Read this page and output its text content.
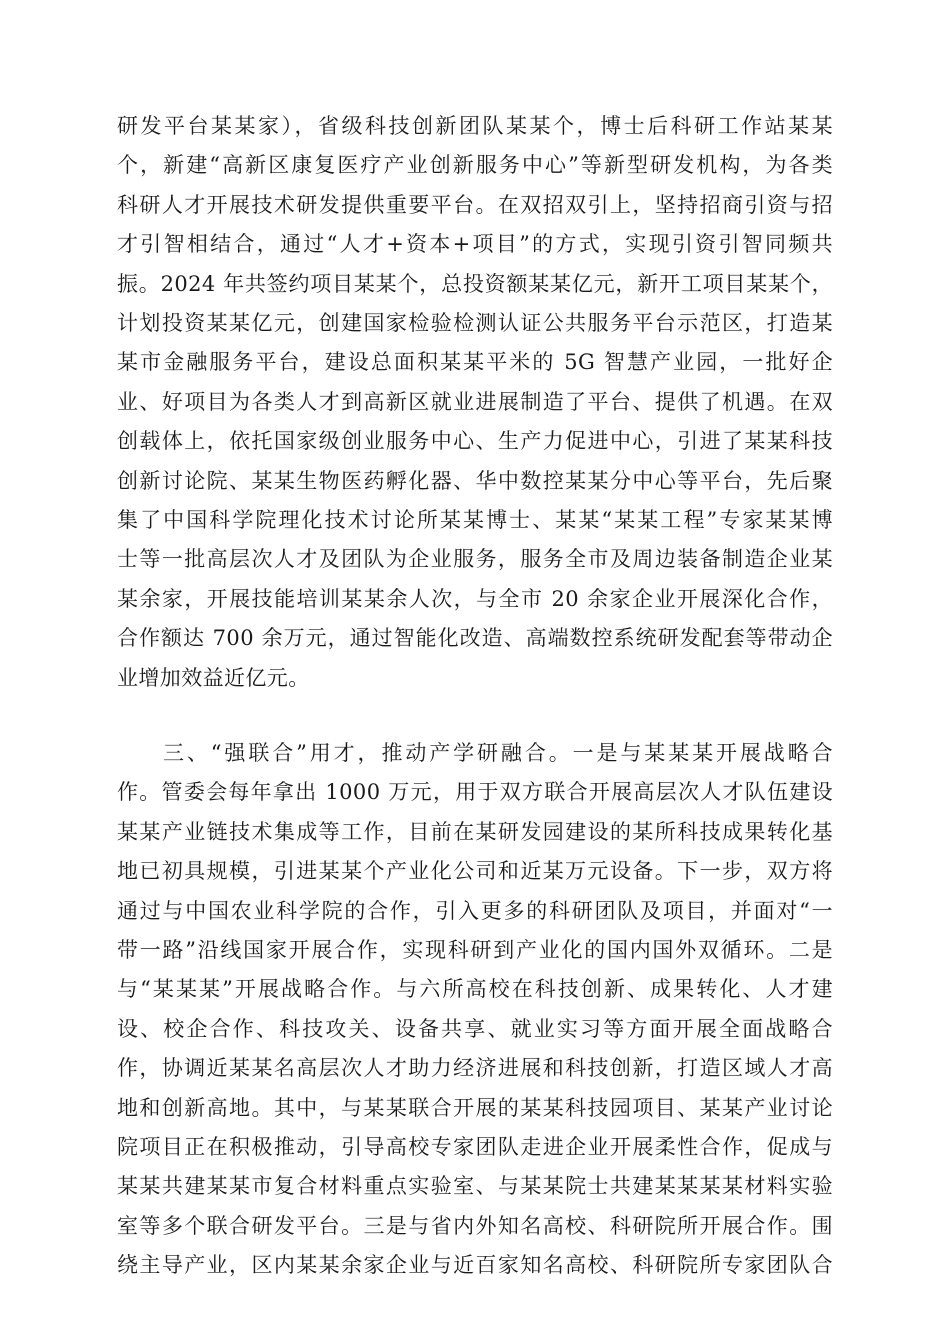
研发平台某某家），省级科技创新团队某某个，博士后科研工作站某某
个，新建“高新区康复医疗产业创新服务中心”等新型研发机构，为各类
科研人才开展技术研发提供重要平台。在双招双引上，坚持招商引资与招
才引智相结合，通过“人才+资本+项目”的方式，实现引资引智同频共
振。2024 年共签约项目某某个，总投资额某某亿元，新开工项目某某个，
计划投资某某亿元，创建国家检验检测认证公共服务平台示范区，打造某
某市金融服务平台，建设总面积某某平米的 5G 智慧产业园，一批好企
业、好项目为各类人才到高新区就业进展制造了平台、提供了机遇。在双
创载体上，依托国家级创业服务中心、生产力促进中心，引进了某某科技
创新讨论院、某某生物医药孵化器、华中数控某某分中心等平台，先后聚
集了中国科学院理化技术讨论所某某博士、某某“某某工程”专家某某博
士等一批高层次人才及团队为企业服务，服务全市及周边装备制造企业某
某余家，开展技能培训某某余人次，与全市 20 余家企业开展深化合作，
合作额达 700 余万元，通过智能化改造、高端数控系统研发配套等带动企
业增加效益近亿元。
三、“强联合”用才，推动产学研融合。一是与某某某开展战略合
作。管委会每年拿出 1000 万元，用于双方联合开展高层次人才队伍建设
某某产业链技术集成等工作，目前在某研发园建设的某所科技成果转化基
地已初具规模，引进某某个产业化公司和近某万元设备。下一步，双方将
通过与中国农业科学院的合作，引入更多的科研团队及项目，并面对“一
带一路”沿线国家开展合作，实现科研到产业化的国内国外双循环。二是
与“某某某”开展战略合作。与六所高校在科技创新、成果转化、人才建
设、校企合作、科技攻关、设备共享、就业实习等方面开展全面战略合
作，协调近某某名高层次人才助力经济进展和科技创新，打造区域人才高
地和创新高地。其中，与某某联合开展的某某科技园项目、某某产业讨论
院项目正在积极推动，引导高校专家团队走进企业开展柔性合作，促成与
某某共建某某市复合材料重点实验室、与某某院士共建某某某某材料实验
室等多个联合研发平台。三是与省内外知名高校、科研院所开展合作。围
绕主导产业，区内某某余家企业与近百家知名高校、科研院所专家团队合
